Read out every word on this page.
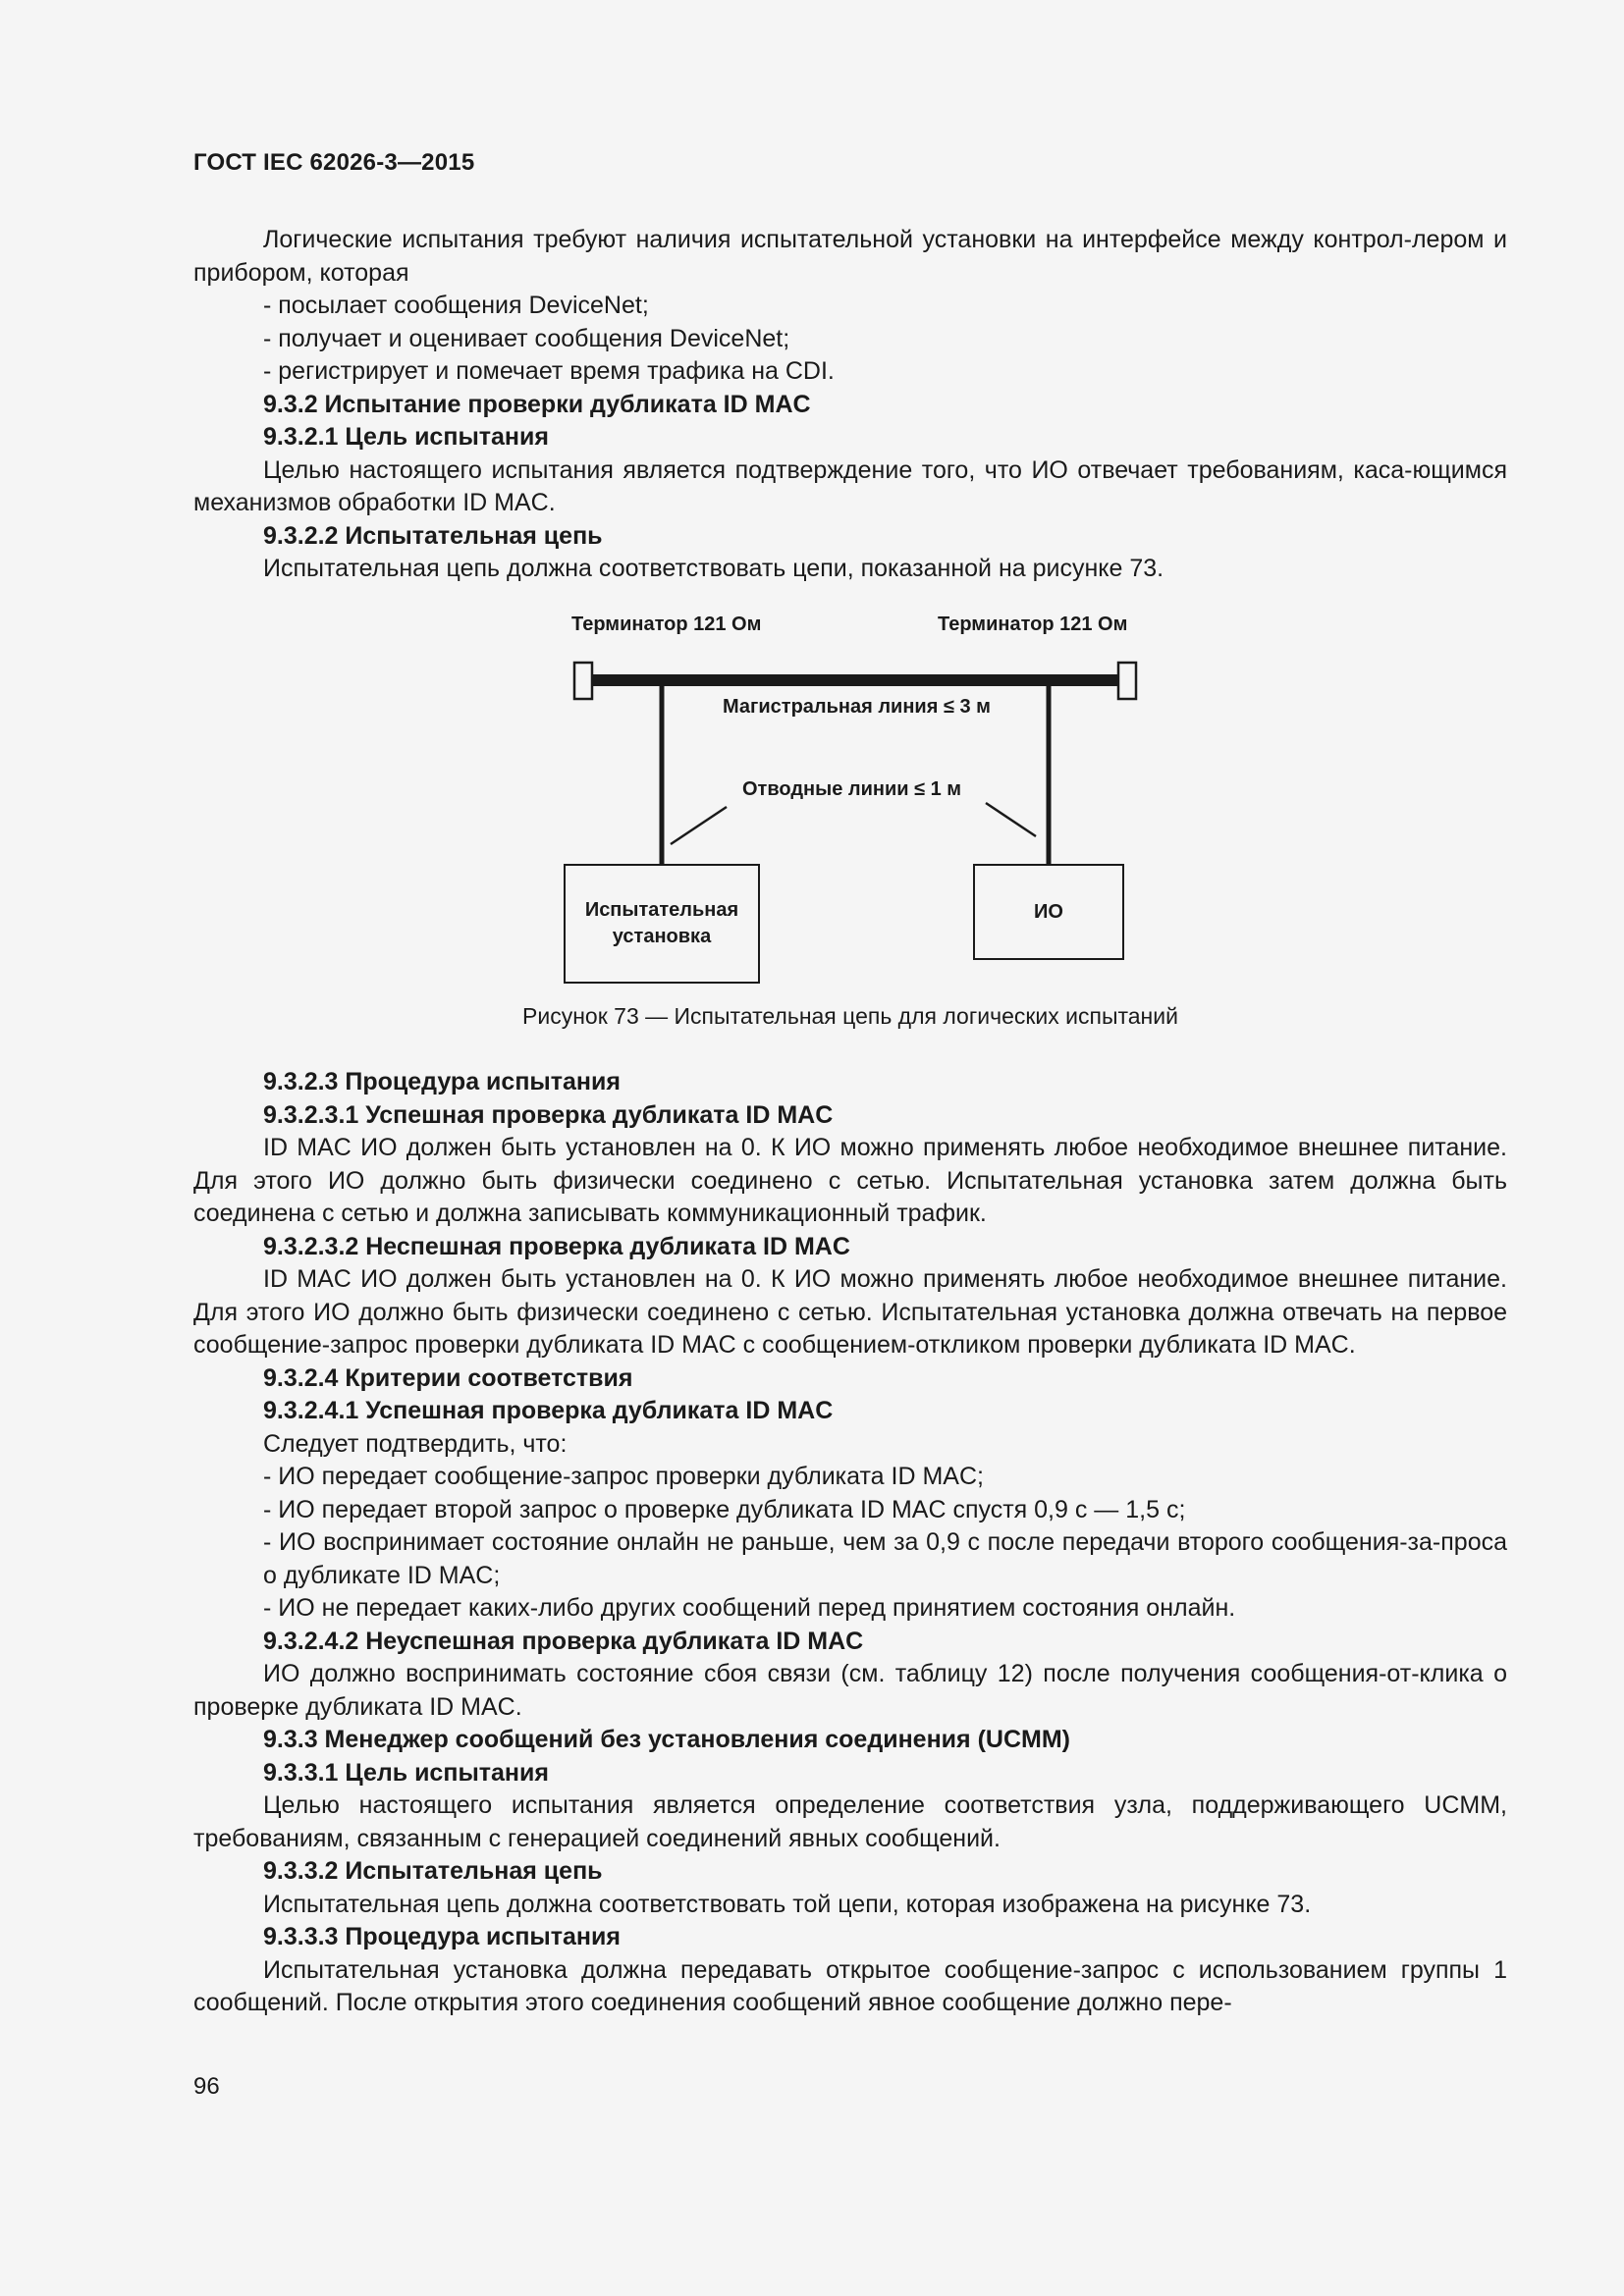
ГОСТ IEC 62026-3—2015

Логические испытания требуют наличия испытательной установки на интерфейсе между контрол-лером и прибором, которая

- посылает сообщения DeviceNet;

- получает и оценивает сообщения DeviceNet;

- регистрирует и помечает время трафика на CDI.

9.3.2 Испытание проверки дубликата ID MAC

9.3.2.1 Цель испытания

Целью настоящего испытания является подтверждение того, что ИО отвечает требованиям, каса-ющимся механизмов обработки ID MAC.

9.3.2.2 Испытательная цепь

Испытательная цепь должна соответствовать цепи, показанной на рисунке 73.

Терминатор 121 Ом	Терминатор 121 Ом
Магистральная линия ≤ 3 м
Отводные линии ≤ 1 м
Испытательная установка
ИО
Рисунок 73 — Испытательная цепь для логических испытаний

9.3.2.3 Процедура испытания

9.3.2.3.1 Успешная проверка дубликата ID MAC

ID MAC ИО должен быть установлен на 0. К ИО можно применять любое необходимое внешнее питание. Для этого ИО должно быть физически соединено с сетью. Испытательная установка затем должна быть соединена с сетью и должна записывать коммуникационный трафик.

9.3.2.3.2 Неспешная проверка дубликата ID MAC

ID MAC ИО должен быть установлен на 0. К ИО можно применять любое необходимое внешнее питание. Для этого ИО должно быть физически соединено с сетью. Испытательная установка должна отвечать на первое сообщение-запрос проверки дубликата ID MAC с сообщением-откликом проверки дубликата ID MAC.

9.3.2.4 Критерии соответствия

9.3.2.4.1 Успешная проверка дубликата ID MAC

Следует подтвердить, что:

- ИО передает сообщение-запрос проверки дубликата ID MAC;

- ИО передает второй запрос о проверке дубликата ID MAC спустя 0,9 с — 1,5 с;

- ИО воспринимает состояние онлайн не раньше, чем за 0,9 с после передачи второго сообщения-за-проса о дубликате ID MAC;

- ИО не передает каких-либо других сообщений перед принятием состояния онлайн.

9.3.2.4.2 Неуспешная проверка дубликата ID MAC

ИО должно воспринимать состояние сбоя связи (см. таблицу 12) после получения сообщения-от-клика о проверке дубликата ID MAC.

9.3.3 Менеджер сообщений без установления соединения (UCMM)

9.3.3.1 Цель испытания

Целью настоящего испытания является определение соответствия узла, поддерживающего UCMM, требованиям, связанным с генерацией соединений явных сообщений.

9.3.3.2 Испытательная цепь

Испытательная цепь должна соответствовать той цепи, которая изображена на рисунке 73.

9.3.3.3 Процедура испытания

Испытательная установка должна передавать открытое сообщение-запрос с использованием группы 1 сообщений. После открытия этого соединения сообщений явное сообщение должно пере-

96
